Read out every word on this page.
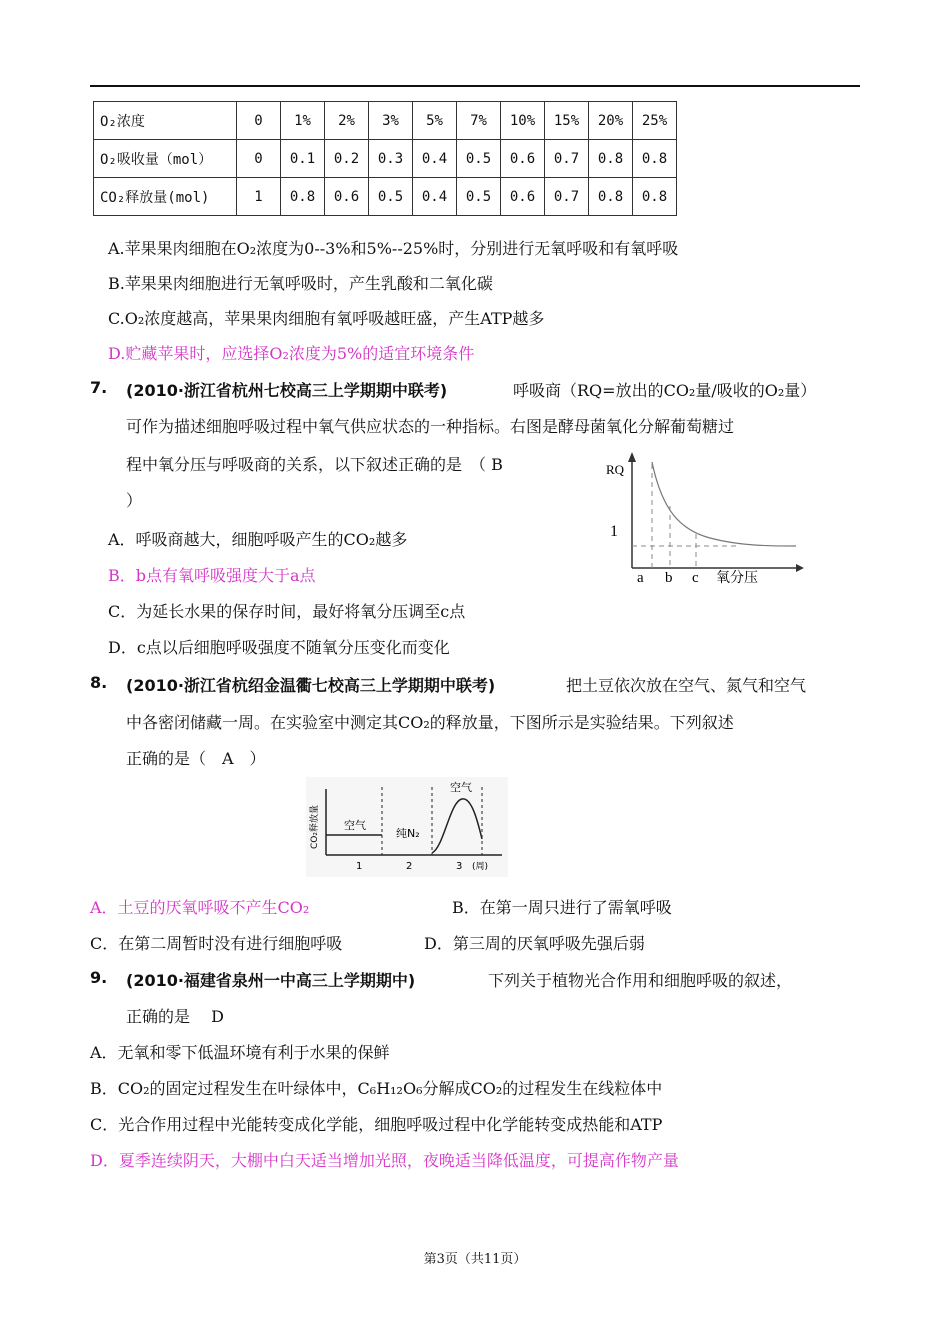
O₂浓度	0	1%	2%	3%	5%	7%	10%	15%	20%	25%
O₂吸收量（mol）	0	0.1	0.2	0.3	0.4	0.5	0.6	0.7	0.8	0.8
CO₂释放量(mol)	1	0.8	0.6	0.5	0.4	0.5	0.6	0.7	0.8	0.8
A.苹果果肉细胞在O₂浓度为0--3%和5%--25%时，分别进行无氧呼吸和有氧呼吸
B.苹果果肉细胞进行无氧呼吸时，产生乳酸和二氧化碳
C.O₂浓度越高，苹果果肉细胞有氧呼吸越旺盛，产生ATP越多
D.贮藏苹果时，应选择O₂浓度为5%的适宜环境条件
7. (2010·浙江省杭州七校高三上学期期中联考)	呼吸商（RQ=放出的CO₂量/吸收的O₂量）
可作为描述细胞呼吸过程中氧气供应状态的一种指标。右图是酵母菌氧化分解葡萄糖过
程中氧分压与呼吸商的关系，以下叙述正确的是　（ B
）
A．呼吸商越大，细胞呼吸产生的CO₂越多
B．b点有氧呼吸强度大于a点
C．为延长水果的保存时间，最好将氧分压调至c点
D．c点以后细胞呼吸强度不随氧分压变化而变化
RQ
1
a b c 氧分压
8. (2010·浙江省杭绍金温衢七校高三上学期期中联考)	把土豆依次放在空气、氮气和空气
中各密闭储藏一周。在实验室中测定其CO₂的释放量，下图所示是实验结果。下列叙述
正确的是（　A　）
CO₂释放量 空气
纯N₂
空气
1	2	3 (周)
A．土豆的厌氧呼吸不产生CO₂	B．在第一周只进行了需氧呼吸
C．在第二周暂时没有进行细胞呼吸	D．第三周的厌氧呼吸先强后弱
9. (2010·福建省泉州一中高三上学期期中)	下列关于植物光合作用和细胞呼吸的叙述，
正确的是　 D
A．无氧和零下低温环境有利于水果的保鲜
B．CO₂的固定过程发生在叶绿体中，C₆H₁₂O₆分解成CO₂的过程发生在线粒体中
C．光合作用过程中光能转变成化学能，细胞呼吸过程中化学能转变成热能和ATP
D．夏季连续阴天，大棚中白天适当增加光照，夜晚适当降低温度，可提高作物产量
第3页（共11页）
